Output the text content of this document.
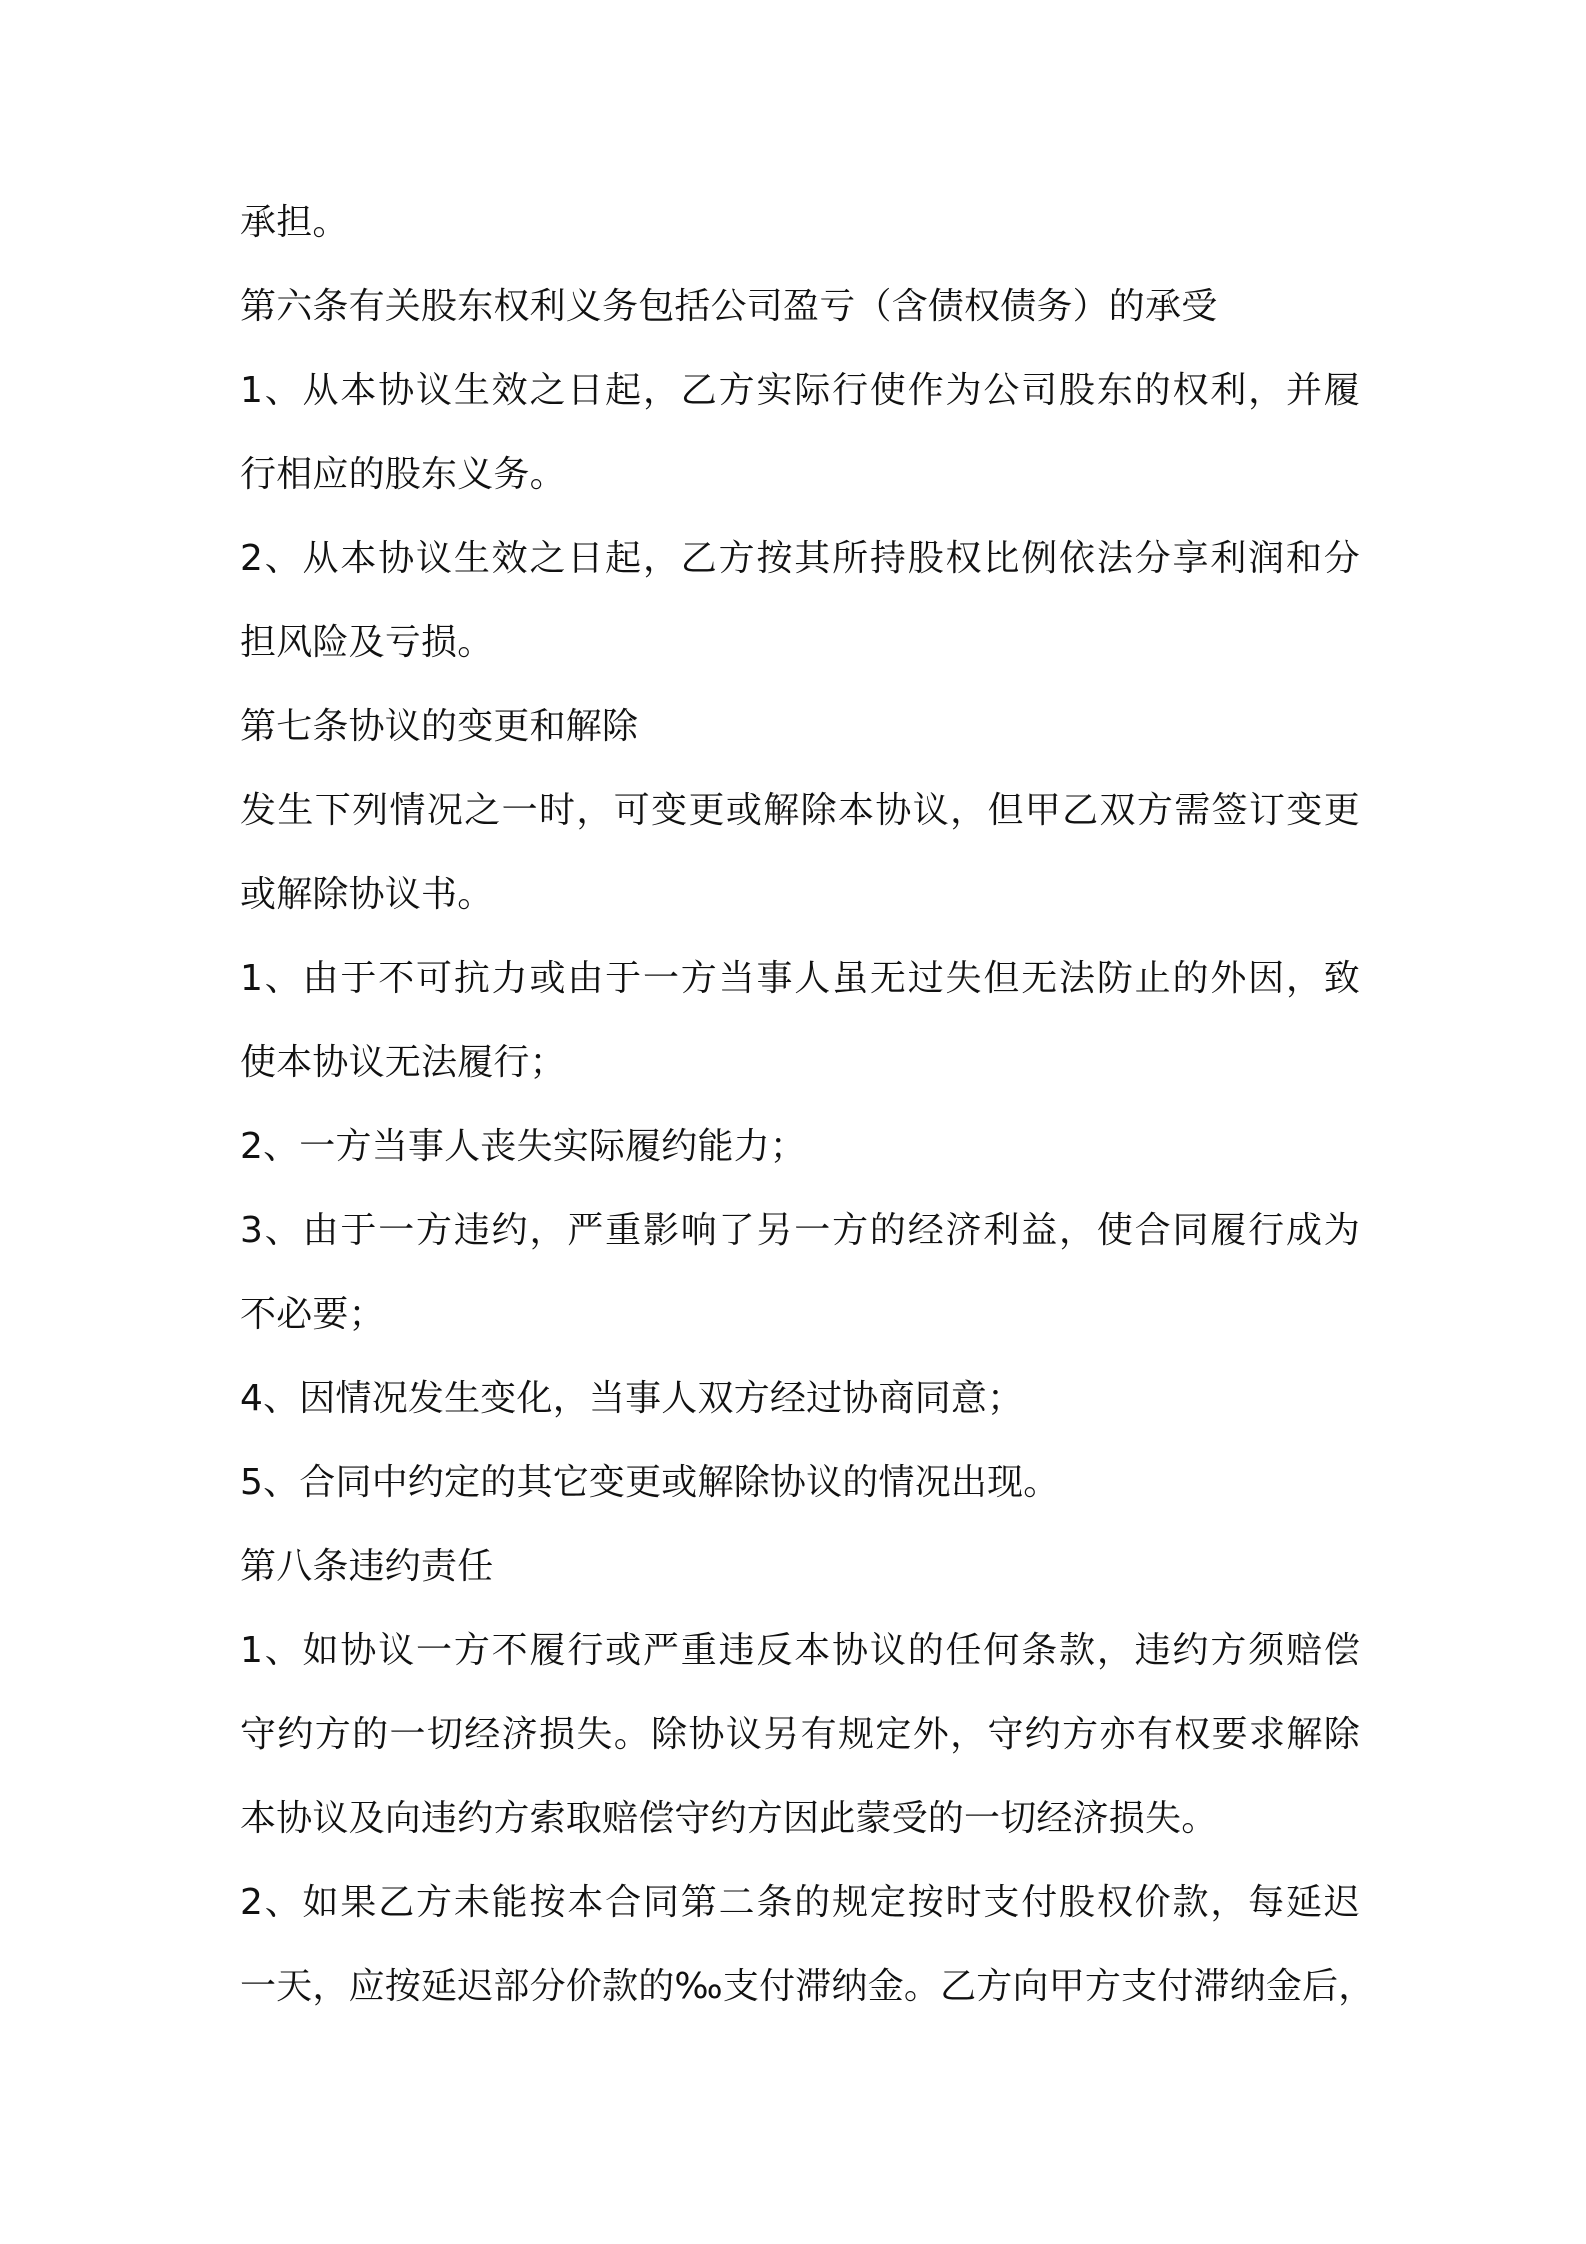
承担。
第六条有关股东权利义务包括公司盈亏（含债权债务）的承受
1、从本协议生效之日起，乙方实际行使作为公司股东的权利，并履
行相应的股东义务。
2、从本协议生效之日起，乙方按其所持股权比例依法分享利润和分
担风险及亏损。
第七条协议的变更和解除
发生下列情况之一时，可变更或解除本协议，但甲乙双方需签订变更
或解除协议书。
1、由于不可抗力或由于一方当事人虽无过失但无法防止的外因，致
使本协议无法履行；
2、一方当事人丧失实际履约能力；
3、由于一方违约，严重影响了另一方的经济利益，使合同履行成为
不必要；
4、因情况发生变化，当事人双方经过协商同意；
5、合同中约定的其它变更或解除协议的情况出现。
第八条违约责任
1、如协议一方不履行或严重违反本协议的任何条款，违约方须赔偿
守约方的一切经济损失。除协议另有规定外，守约方亦有权要求解除
本协议及向违约方索取赔偿守约方因此蒙受的一切经济损失。
2、如果乙方未能按本合同第二条的规定按时支付股权价款，每延迟
一天，应按延迟部分价款的‰支付滞纳金。乙方向甲方支付滞纳金后，
